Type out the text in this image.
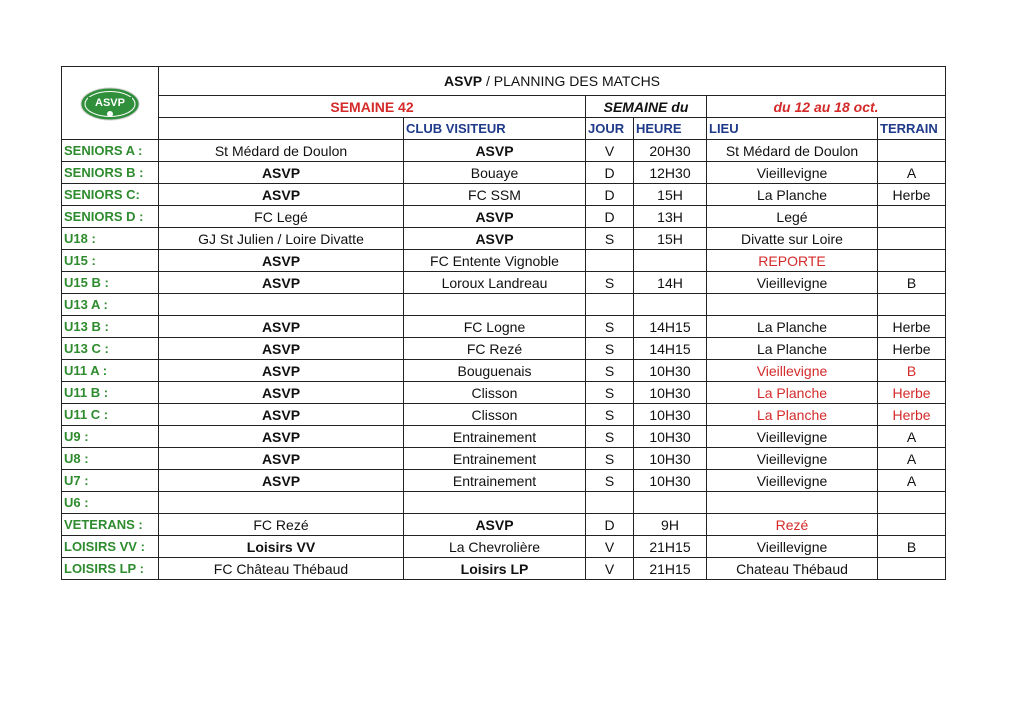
ASVP	ASVP / PLANNING DES MATCHS						
	SEMAINE 42		SEMAINE du		du 12 au 18 oct.	
		CLUB VISITEUR	JOUR	HEURE	LIEU	TERRAIN	
SENIORS A :	St Médard de Doulon	ASVP	V	20H30	St Médard de Doulon		
SENIORS B :	ASVP	Bouaye	D	12H30	Vieillevigne	A	
SENIORS C:	ASVP	FC SSM	D	15H	La Planche	Herbe	
SENIORS D :	FC Legé	ASVP	D	13H	Legé		
U18 :	GJ St Julien / Loire Divatte	ASVP	S	15H	Divatte sur Loire		
U15 :	ASVP	FC Entente Vignoble			REPORTE		
U15 B :	ASVP	Loroux Landreau	S	14H	Vieillevigne	B	
U13 A :							
U13 B :	ASVP	FC Logne	S	14H15	La Planche	Herbe	
U13 C :	ASVP	FC Rezé	S	14H15	La Planche	Herbe	
U11 A :	ASVP	Bouguenais	S	10H30	Vieillevigne	B	
U11 B :	ASVP	Clisson	S	10H30	La Planche	Herbe	
U11 C :	ASVP	Clisson	S	10H30	La Planche	Herbe	
U9 :	ASVP	Entrainement	S	10H30	Vieillevigne	A	
U8 :	ASVP	Entrainement	S	10H30	Vieillevigne	A	
U7 :	ASVP	Entrainement	S	10H30	Vieillevigne	A	
U6 :							
VETERANS :	FC Rezé	ASVP	D	9H	Rezé		
LOISIRS VV :	Loisirs VV	La Chevrolière	V	21H15	Vieillevigne	B	
LOISIRS LP :	FC Château Thébaud	Loisirs LP	V	21H15	Chateau Thébaud		
